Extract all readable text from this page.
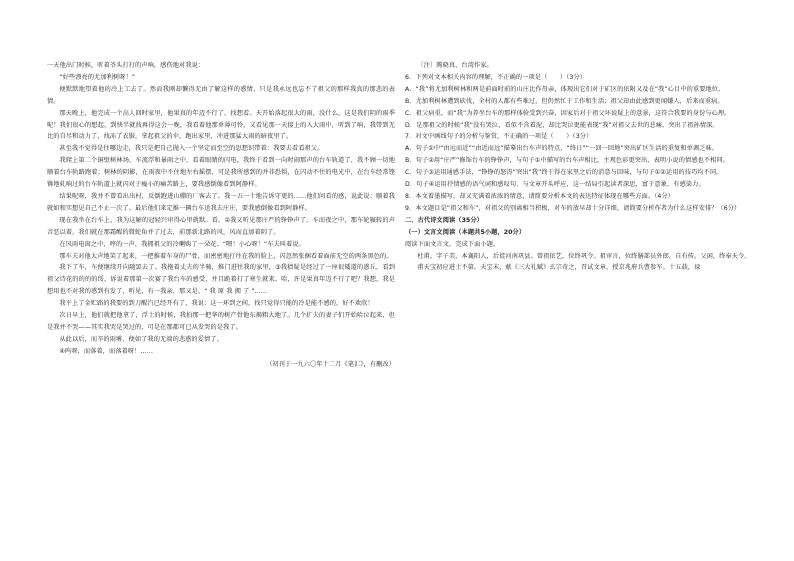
一天他出门时候，听着爷头打打的声响，感伤地对我说：

“好些漂亮的尤加利树呀！”

便默默地望着他的冷上工去了。然而我刚却懒得无由了解这样的惑情，只是我永远也忘不了祖父的那样我真的那悲的表情。

那天晚上，他完成一个高人回时家里，他果真的年迈不行了，找想看。天开始落起很大的雨，没什么，这是我们阴的雨季呢！我们很心的想起，到快半就找再得这会一晚，我看着他那单薄可怜，又看见那一天接上的入大雨中，听到了响，我带到无比的自尽和动力了，找冻了衣服，拿起祖父的伞，跑出家里，冲进那猛大雨的暗夜里了。

甚至我不觉得是往哪边走，我只是把自己抛入一个坚定而至空的思想识带着：我要去看看祖父。

我爬上第二个铜壁树林场，车流浮和暴雨之中，看着眼睛的闪电，我终于看到一向时闹那声的台车轨道了，我不顾一切地顺着台车轨路跑着；树林的阴影，在雨夜中不住地左右摇摆，可是我所感到的并非恐惧，在闪动不住的电光中，在台车经常铿锵地轧响过的台车轨道上就闪对于瘦小的痛苦路上，要我感倒像看到阿静样。

结果呢呀，我并不曾看出出村，反倒跑进山棚的厂客去了。我一五一十地告诉守更的……他们问看的感，说此说：顺着我就如和实想见自己不止一次了。最后他们来定推一辆台车送我去庄庄，要我感倒像看到阿静样。

现在我坐在台车上，我为这解的冠轻兴审得心里就默。看，②我又听见那庄严的铮铮声了。车而夜之中，那车轮辗转的声音恶以着，我们就在那霜醒的微蛇角并了过去，前那新北路的风，风而直加着阴了。

在风雨电窗之中，哼的一声，我拥祖父的冷喇购了一朵花。“喂！小心呀！”车夫叫着说。

那车夫对他大声地笑了起来，一把推着车身的尸骨，而密密地打往在我的脸上，闪忽然张捆看着面前无空的两条黑色的。

我下了车，车便继续开向随罢去了。我拖着丈夫的半骑，推门进往我的家里，③我猜疑是经过了一座很矮道的惑丘，看到祖父诗花的的的的绥，诉说着那第一次赛了我台车的感受，并且跪着打了寒生就来。哈，许是果真年迈不行了吧？我想，我是想用也不对我的惑到有发了，听见，有一我亲，那又是。“ 我 原 我 拥 了 ”……

我平上了金贮路的我要的到刀醒汽已经开有了，我说：这一环到之间，找只觉得只能的冷是能不感的，好不欢欣！

次日早上，他们就把他拿了，浮土的时候，我拍那一把华的树产骨他东揭粗大地了。几个扩夫的妻子们开始哈泣起来，但是我并不哭——其实我哭是哭过的，可是在那都可已从发哭的是我了。

从此以后，而辛的雨雾，便如了我的无端的悲惑的爱情了。

④呜呀，而落着，而落着呀！……

（初刊于一九六〇年十二月《笔汇》，有删改）

〔注〕腾晓真，台湾作家。

6．下列对文本相关内容的理解，不正确的一项是（　　）（3分）

A．“我”将尤加利树林和两是前面时前的山庄比作母亲，体现出它们对于矿区的依附又及在“我”心目中的重要地位。

B．尤加利树林遭到砍伐，全村的人都有些难过，但仍然忙于工作和生活；祖父却由此感到更闻嫌人，后来而重病。

C．祖父病重，而“我”为养坐台车的那样体验受到兴奋，因家后对于祖父坏说疑上的意景，这符合我要的身份与心理。

D．是那祖父的时候“我”没有哭泣，看似不含着泥，却比哭泣更能表现“我”对祖父去世的悲痛，突出了祖孙情深。

7．对文中画线句子的分析与鉴赏，不正确的一项是（　　）（3分）

A．句子①中“由远而近”“由近而远”描摹出台车声的特点，“终日”“一回一回地”突出矿区生活的重复和单调乏味。

B．句子②用“庄严”修饰台车的铮铮声，与句子①中描写的台车声相比，主观色彩更突出，表明小说的情感也不相同。

C．句子③运用通感手法，“铮铮的怒涛”突出“我”终于得在家里之后的消意与回味，与句子①②运用的技巧均不同。

D．句子④运用抒情感的语气词和感叹句，与文章开头呼应，这一结局引起读者深思，富于意象，有感染力。

8．本文着墨描写，却又充满着浓浓的情意，请简要分析本文的表达特征体现在哪些方面。（4分）

9．本文题目是“祖父和车”，对祖父的别离相当积极，对车的放早却十分详细，请简要分析作者为什么这样安排？（6分）

二、古代诗文阅读（35分）

（一）文言文阅读（本题共5小题，20分）

阅读下面文言文，完成下面小题。

杜甫，字子美，本襄阳人，后徙河南巩县。曾祖依艺，位终巩令。祖审言，位终膳部员外郎，自有传。父闲，终奉天令。

甫天宝初应进士不第。天宝末，献《三大礼赋》玄宗奇之，召试文章，授京兆府兵曹参军。十五载，禄
